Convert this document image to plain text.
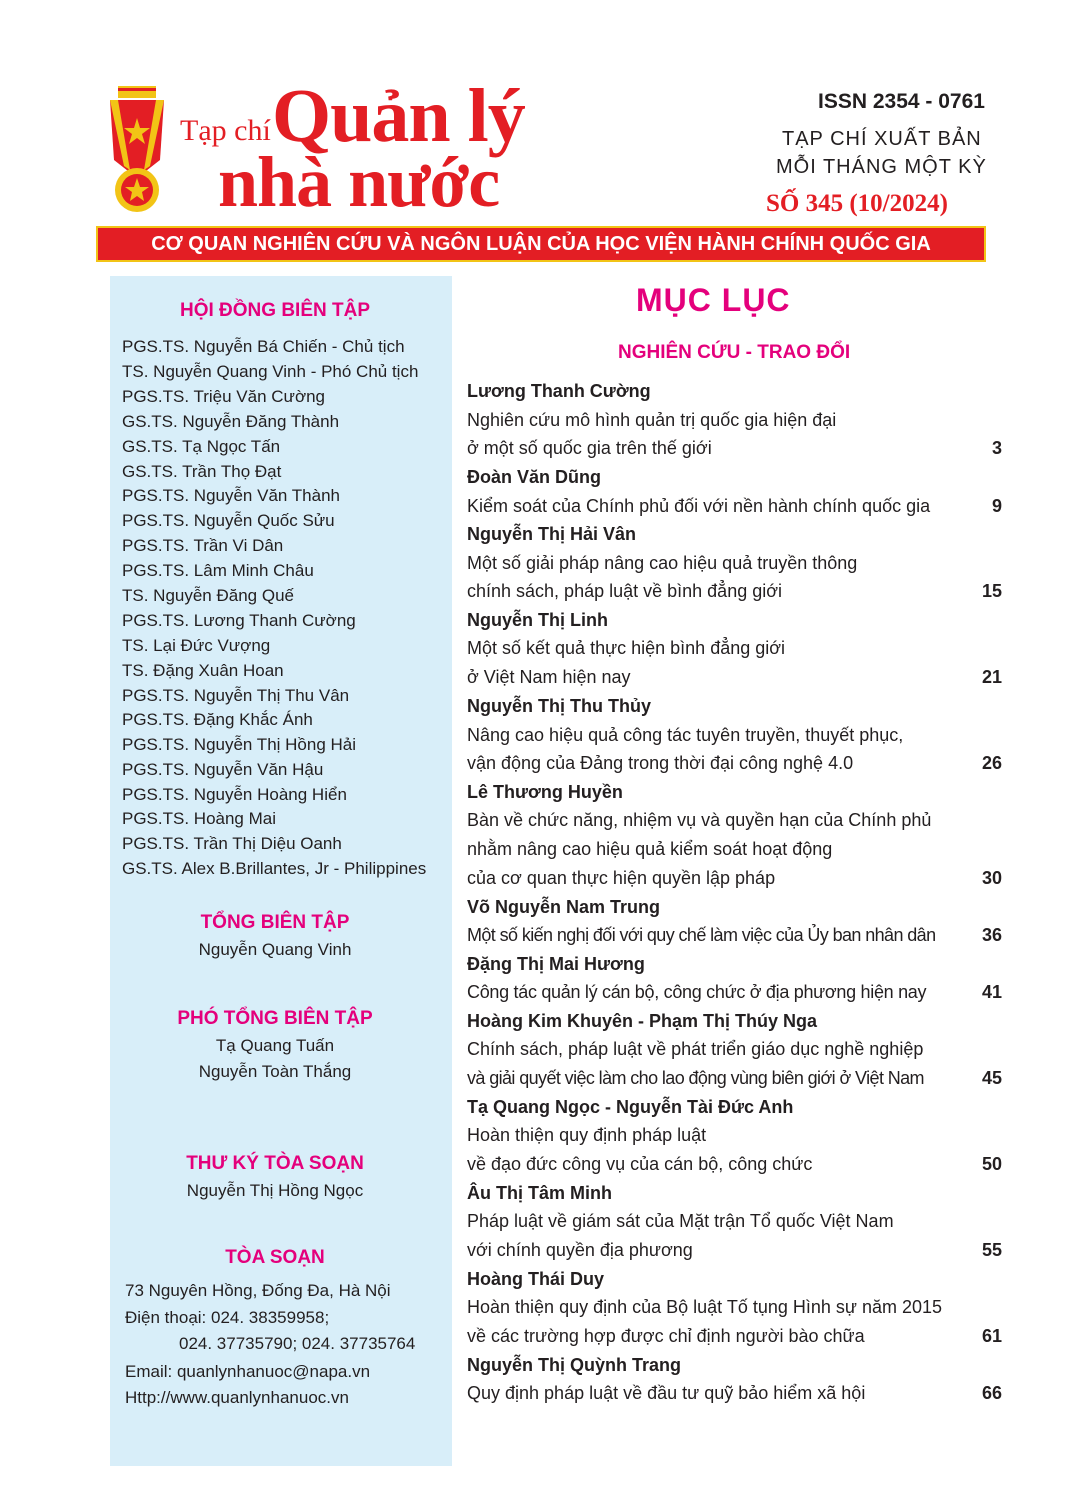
Tạp chí Quản lý
nhà nước
ISSN 2354 - 0761
TẠP CHÍ XUẤT BẢN
MỖI THÁNG MỘT KỲ
SỐ 345 (10/2024)
CƠ QUAN NGHIÊN CỨU VÀ NGÔN LUẬN CỦA HỌC VIỆN HÀNH CHÍNH QUỐC GIA
HỘI ĐỒNG BIÊN TẬP
PGS.TS. Nguyễn Bá Chiến - Chủ tịch
TS. Nguyễn Quang Vinh - Phó Chủ tịch
PGS.TS. Triệu Văn Cường
GS.TS. Nguyễn Đăng Thành
GS.TS. Tạ Ngọc Tấn
GS.TS. Trần Thọ Đạt
PGS.TS. Nguyễn Văn Thành
PGS.TS. Nguyễn Quốc Sửu
PGS.TS. Trần Vi Dân
PGS.TS. Lâm Minh Châu
TS. Nguyễn Đăng Quế
PGS.TS. Lương Thanh Cường
TS. Lại Đức Vượng
TS. Đặng Xuân Hoan
PGS.TS. Nguyễn Thị Thu Vân
PGS.TS. Đặng Khắc Ánh
PGS.TS. Nguyễn Thị Hồng Hải
PGS.TS. Nguyễn Văn Hậu
PGS.TS. Nguyễn Hoàng Hiển
PGS.TS. Hoàng Mai
PGS.TS. Trần Thị Diệu Oanh
GS.TS. Alex B.Brillantes, Jr - Philippines
TỔNG BIÊN TẬP
Nguyễn Quang Vinh
PHÓ TỔNG BIÊN TẬP
Tạ Quang Tuấn
Nguyễn Toàn Thắng
THƯ KÝ TÒA SOẠN
Nguyễn Thị Hồng Ngọc
TÒA SOẠN
73 Nguyên Hồng, Đống Đa, Hà Nội
Điện thoại: 024. 38359958;
024. 37735790; 024. 37735764
Email: quanlynhanuoc@napa.vn
Http://www.quanlynhanuoc.vn
MỤC LỤC
NGHIÊN CỨU - TRAO ĐỔI
Lương Thanh Cường
Nghiên cứu mô hình quản trị quốc gia hiện đại
ở một số quốc gia trên thế giới	3
Đoàn Văn Dũng
Kiểm soát của Chính phủ đối với nền hành chính quốc gia	9
Nguyễn Thị Hải Vân
Một số giải pháp nâng cao hiệu quả truyền thông
chính sách, pháp luật về bình đẳng giới	15
Nguyễn Thị Linh
Một số kết quả thực hiện bình đẳng giới
ở Việt Nam hiện nay	21
Nguyễn Thị Thu Thủy
Nâng cao hiệu quả công tác tuyên truyền, thuyết phục,
vận động của Đảng trong thời đại công nghệ 4.0	26
Lê Thương Huyền
Bàn về chức năng, nhiệm vụ và quyền hạn của Chính phủ
nhằm nâng cao hiệu quả kiểm soát hoạt động
của cơ quan thực hiện quyền lập pháp	30
Võ Nguyễn Nam Trung
Một số kiến nghị đối với quy chế làm việc của Ủy ban nhân dân	36
Đặng Thị Mai Hương
Công tác quản lý cán bộ, công chức ở địa phương hiện nay	41
Hoàng Kim Khuyên - Phạm Thị Thúy Nga
Chính sách, pháp luật về phát triển giáo dục nghề nghiệp
và giải quyết việc làm cho lao động vùng biên giới ở Việt Nam	45
Tạ Quang Ngọc - Nguyễn Tài Đức Anh
Hoàn thiện quy định pháp luật
về đạo đức công vụ của cán bộ, công chức	50
Âu Thị Tâm Minh
Pháp luật về giám sát của Mặt trận Tổ quốc Việt Nam
với chính quyền địa phương	55
Hoàng Thái Duy
Hoàn thiện quy định của Bộ luật Tố tụng Hình sự năm 2015
về các trường hợp được chỉ định người bào chữa	61
Nguyễn Thị Quỳnh Trang
Quy định pháp luật về đầu tư quỹ bảo hiểm xã hội	66
